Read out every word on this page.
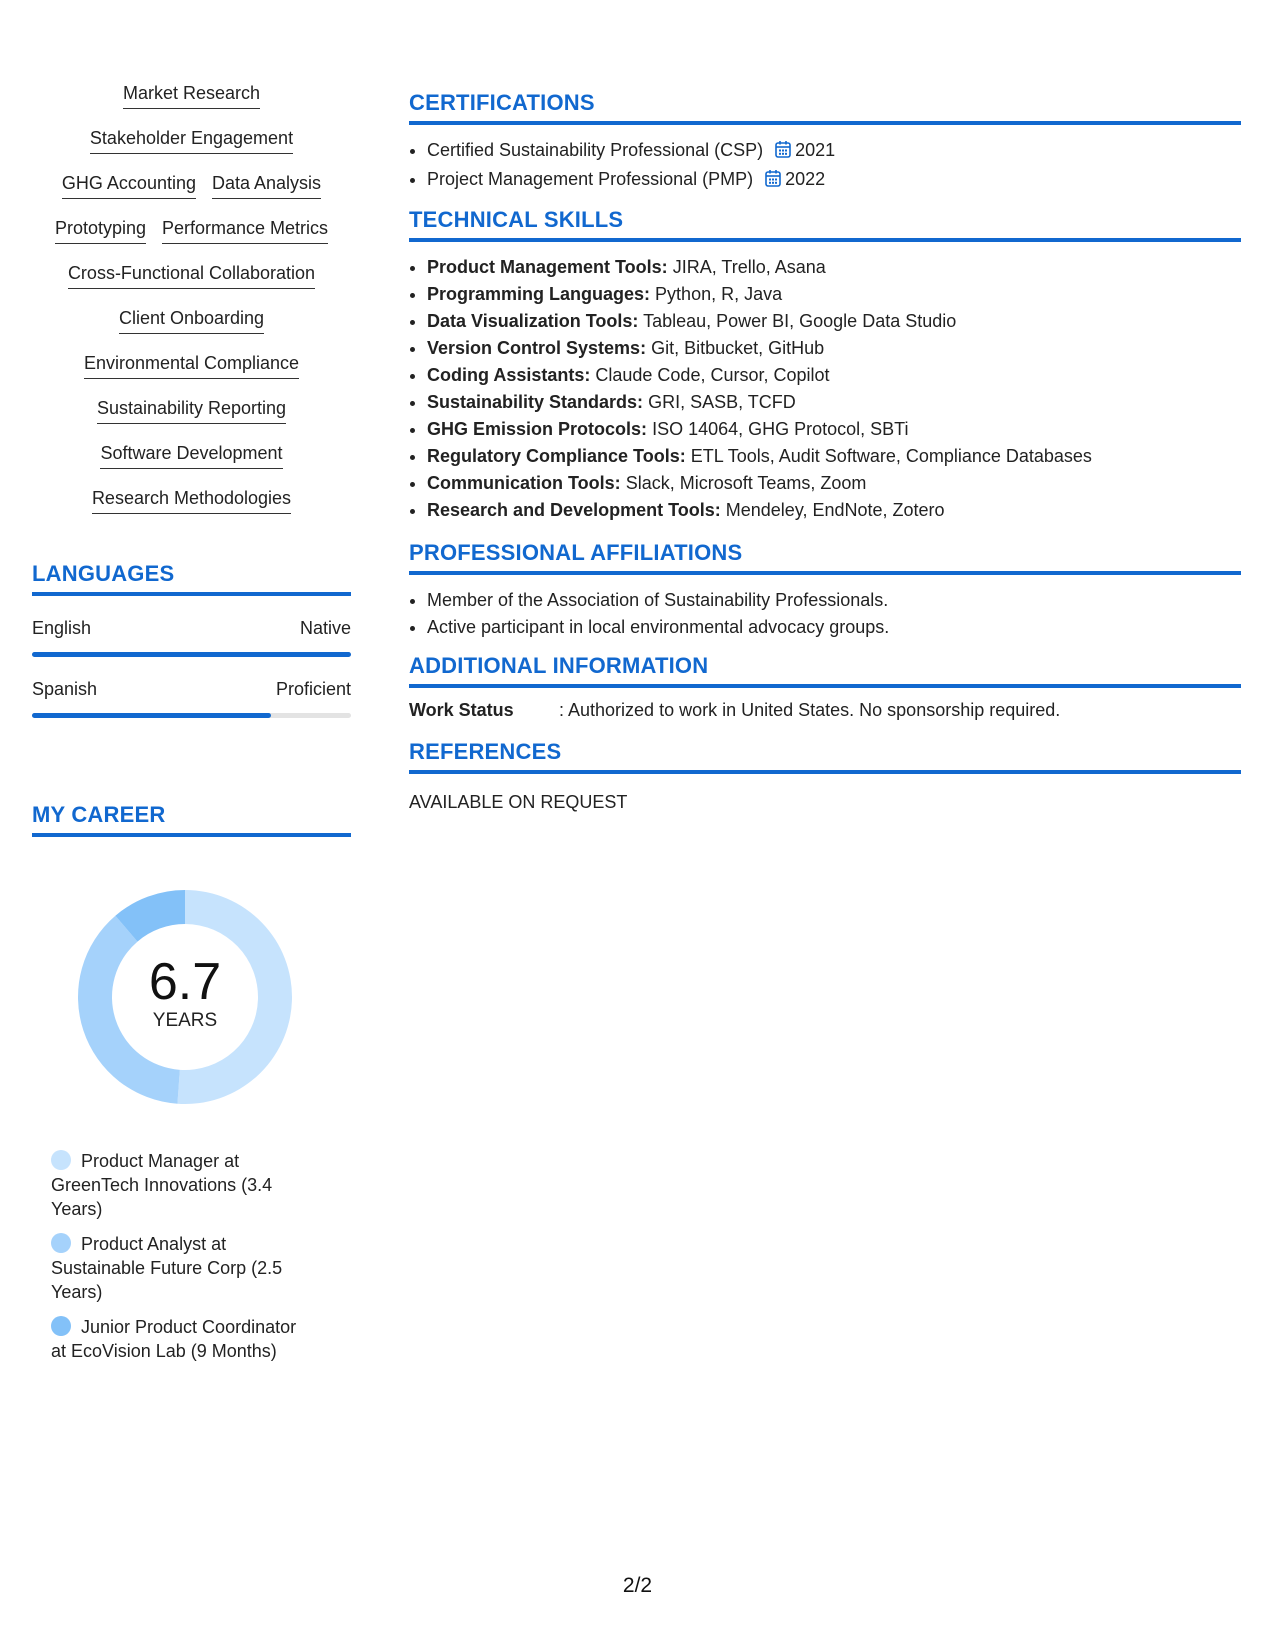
Market Research
Stakeholder Engagement
GHG Accounting Data Analysis
Prototyping Performance Metrics
Cross-Functional Collaboration
Client Onboarding
Environmental Compliance
Sustainability Reporting
Software Development
Research Methodologies
LANGUAGES
English	Native
Spanish	Proficient
MY CAREER
6.7
YEARS
Product Manager at GreenTech Innovations (3.4 Years)
Product Analyst at Sustainable Future Corp (2.5 Years)
Junior Product Coordinator at EcoVision Lab (9 Months)
CERTIFICATIONS
• Certified Sustainability Professional (CSP) 2021
• Project Management Professional (PMP) 2022
TECHNICAL SKILLS
• Product Management Tools: JIRA, Trello, Asana
• Programming Languages: Python, R, Java
• Data Visualization Tools: Tableau, Power BI, Google Data Studio
• Version Control Systems: Git, Bitbucket, GitHub
• Coding Assistants: Claude Code, Cursor, Copilot
• Sustainability Standards: GRI, SASB, TCFD
• GHG Emission Protocols: ISO 14064, GHG Protocol, SBTi
• Regulatory Compliance Tools: ETL Tools, Audit Software, Compliance Databases
• Communication Tools: Slack, Microsoft Teams, Zoom
• Research and Development Tools: Mendeley, EndNote, Zotero
PROFESSIONAL AFFILIATIONS
• Member of the Association of Sustainability Professionals.
• Active participant in local environmental advocacy groups.
ADDITIONAL INFORMATION
Work Status	: Authorized to work in United States. No sponsorship required.
REFERENCES
AVAILABLE ON REQUEST
2/2
